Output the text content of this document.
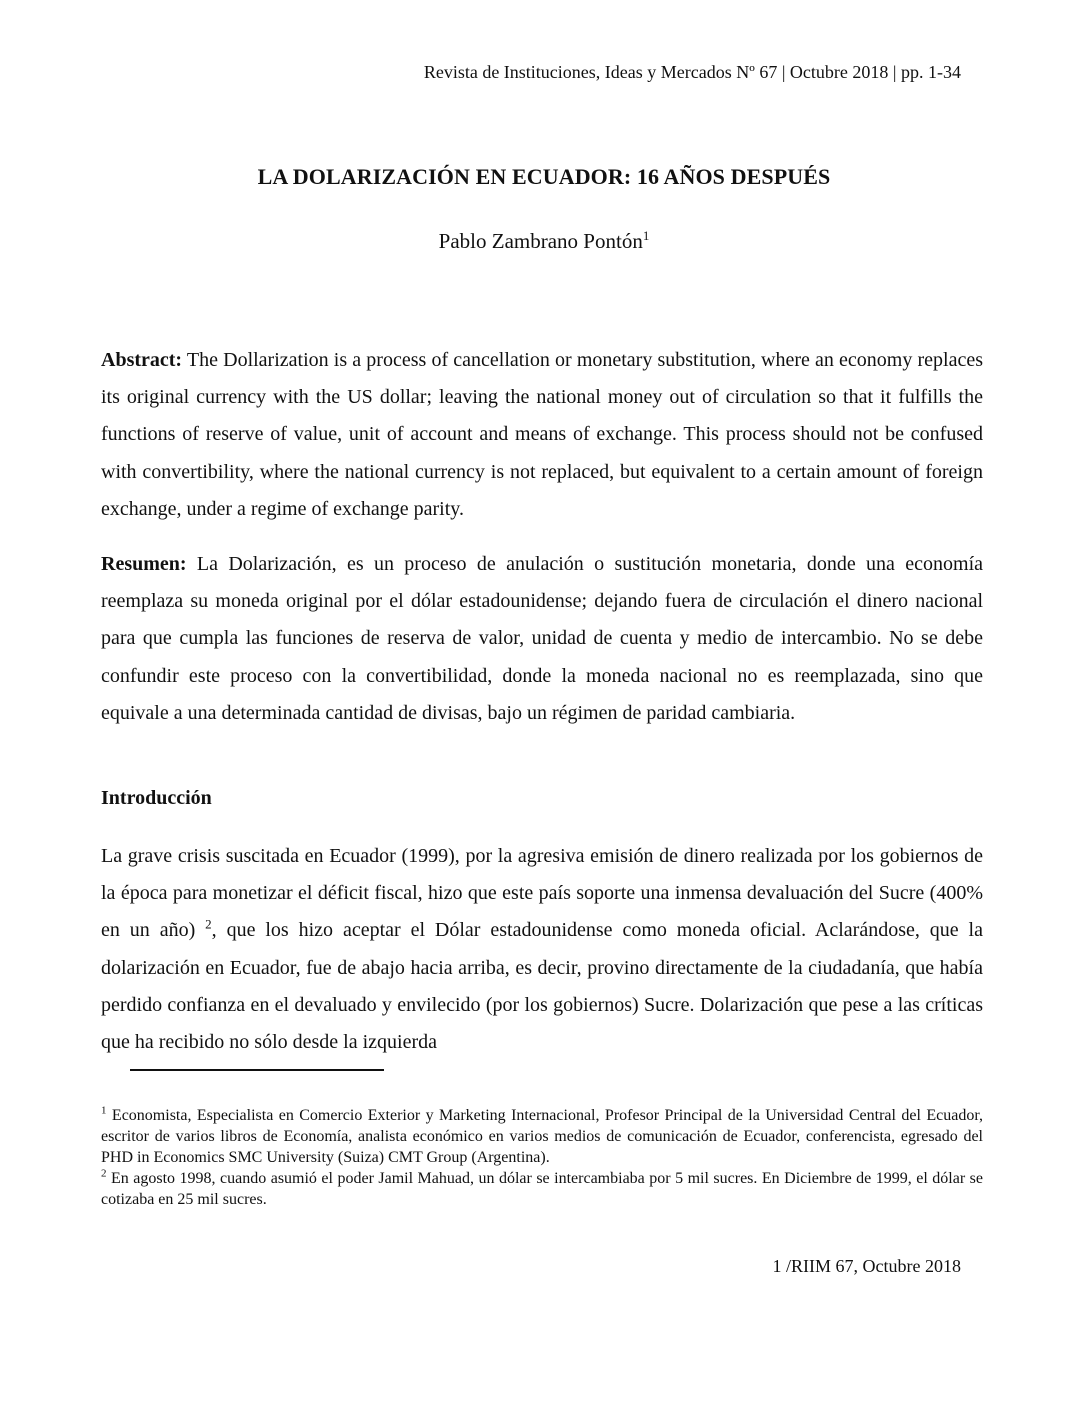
Revista de Instituciones, Ideas y Mercados Nº 67 | Octubre 2018 | pp. 1-34
LA DOLARIZACIÓN EN ECUADOR: 16 AÑOS DESPUÉS
Pablo Zambrano Pontón$^1$

Abstract: The Dollarization is a process of cancellation or monetary substitution, where an economy replaces its original currency with the US dollar; leaving the national money out of circulation so that it fulfills the functions of reserve of value, unit of account and means of exchange. This process should not be confused with convertibility, where the national currency is not replaced, but equivalent to a certain amount of foreign exchange, under a regime of exchange parity.

Resumen: La Dolarización, es un proceso de anulación o sustitución monetaria, donde una economía reemplaza su moneda original por el dólar estadounidense; dejando fuera de circulación el dinero nacional para que cumpla las funciones de reserva de valor, unidad de cuenta y medio de intercambio. No se debe confundir este proceso con la convertibilidad, donde la moneda nacional no es reemplazada, sino que equivale a una determinada cantidad de divisas, bajo un régimen de paridad cambiaria.

Introducción

La grave crisis suscitada en Ecuador (1999), por la agresiva emisión de dinero realizada por los gobiernos de la época para monetizar el déficit fiscal, hizo que este país soporte una inmensa devaluación del Sucre (400% en un año) $^2$, que los hizo aceptar el Dólar estadounidense como moneda oficial. Aclarándose, que la dolarización en Ecuador, fue de abajo hacia arriba, es decir, provino directamente de la ciudadanía, que había perdido confianza en el devaluado y envilecido (por los gobiernos) Sucre. Dolarización que pese a las críticas que ha recibido no sólo desde la izquierda

$^1$ Economista, Especialista en Comercio Exterior y Marketing Internacional, Profesor Principal de la Universidad Central del Ecuador, escritor de varios libros de Economía, analista económico en varios medios de comunicación de Ecuador, conferencista, egresado del PHD in Economics SMC University (Suiza) CMT Group (Argentina).

$^2$ En agosto 1998, cuando asumió el poder Jamil Mahuad, un dólar se intercambiaba por 5 mil sucres. En Diciembre de 1999, el dólar se cotizaba en 25 mil sucres.

1 /RIIM 67, Octubre 2018
